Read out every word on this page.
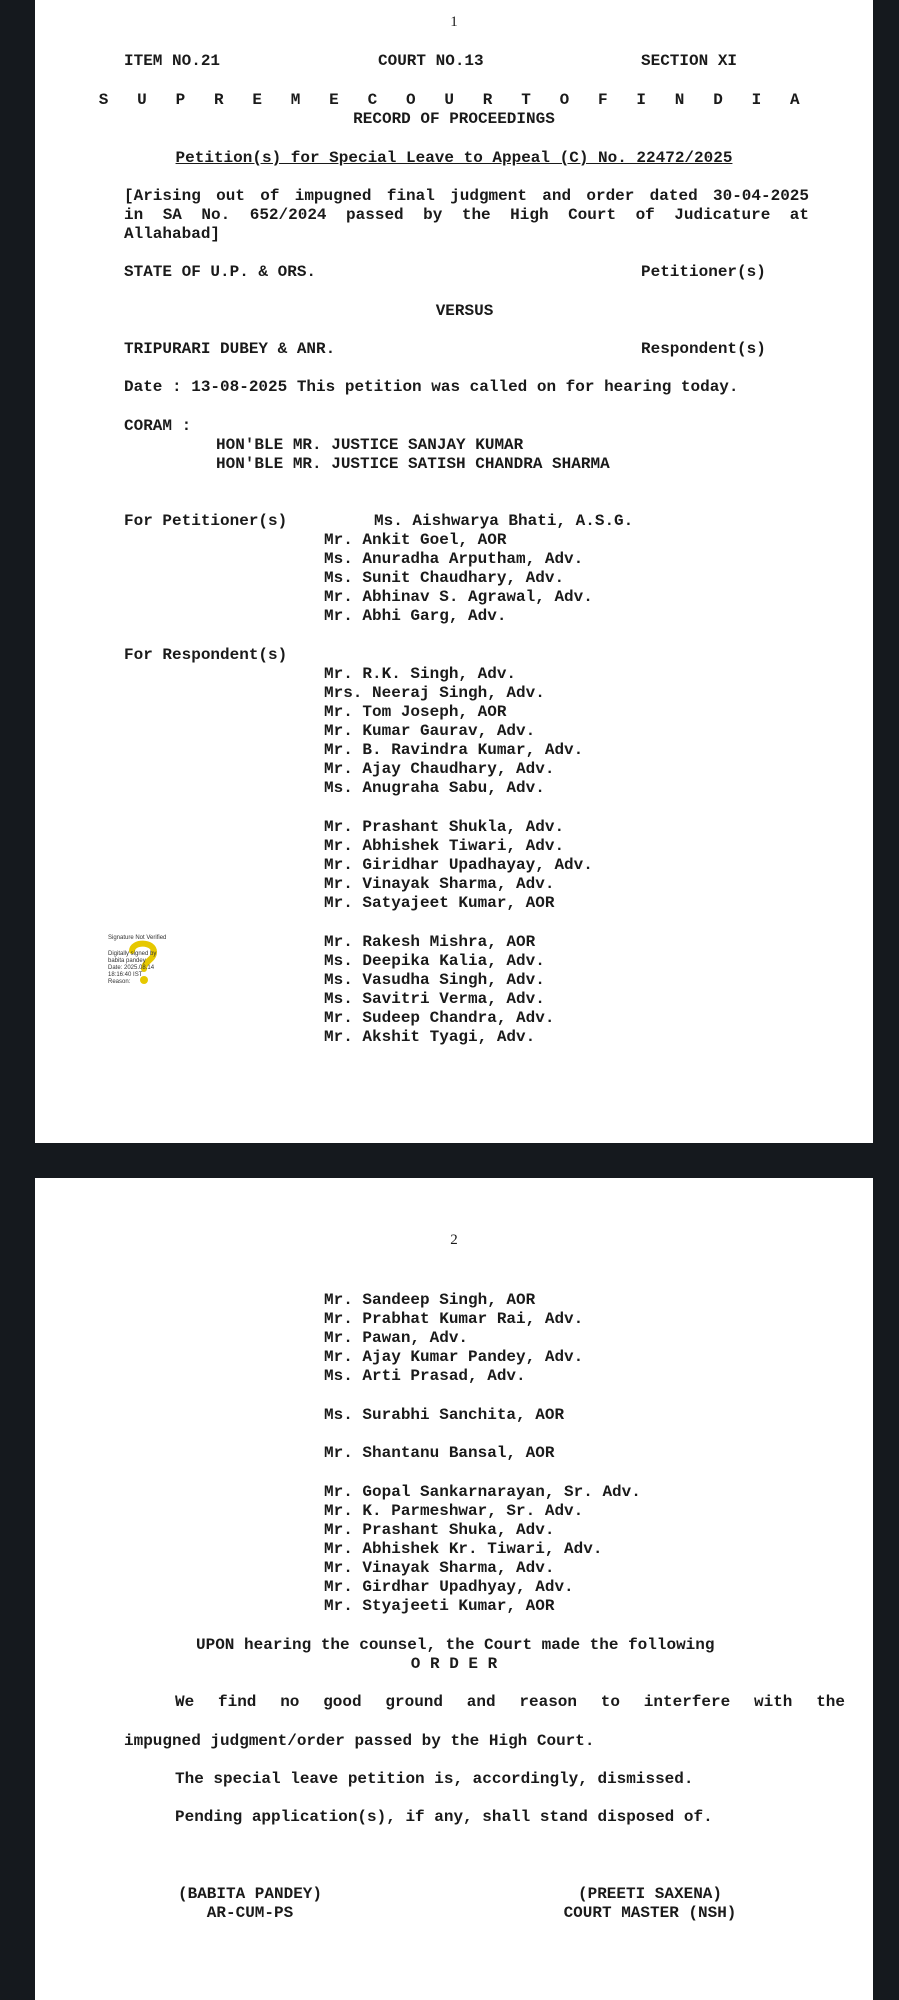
1
ITEM NO.21	COURT NO.13	SECTION XI
S U P R E M E C O U R T O F I N D I A
RECORD OF PROCEEDINGS
Petition(s) for Special Leave to Appeal (C) No. 22472/2025
[Arising out of impugned final judgment and order dated 30-04-2025
in SA No. 652/2024 passed by the High Court of Judicature at
Allahabad]
STATE OF U.P. & ORS.	Petitioner(s)
VERSUS
TRIPURARI DUBEY & ANR.	Respondent(s)
Date : 13-08-2025 This petition was called on for hearing today.
CORAM :
HON'BLE MR. JUSTICE SANJAY KUMAR
HON'BLE MR. JUSTICE SATISH CHANDRA SHARMA
For Petitioner(s)	Ms. Aishwarya Bhati, A.S.G.
Mr. Ankit Goel, AOR
Ms. Anuradha Arputham, Adv.
Ms. Sunit Chaudhary, Adv.
Mr. Abhinav S. Agrawal, Adv.
Mr. Abhi Garg, Adv.
For Respondent(s)
Mr. R.K. Singh, Adv.
Mrs. Neeraj Singh, Adv.
Mr. Tom Joseph, AOR
Mr. Kumar Gaurav, Adv.
Mr. B. Ravindra Kumar, Adv.
Mr. Ajay Chaudhary, Adv.
Ms. Anugraha Sabu, Adv.
Mr. Prashant Shukla, Adv.
Mr. Abhishek Tiwari, Adv.
Mr. Giridhar Upadhayay, Adv.
Mr. Vinayak Sharma, Adv.
Mr. Satyajeet Kumar, AOR
Mr. Rakesh Mishra, AOR
Ms. Deepika Kalia, Adv.
Ms. Vasudha Singh, Adv.
Ms. Savitri Verma, Adv.
Mr. Sudeep Chandra, Adv.
Mr. Akshit Tyagi, Adv.
Signature Not Verified
Digitally signed by
babita pandey
Date: 2025.08.14
18:16:40 IST
Reason:
2
Mr. Sandeep Singh, AOR
Mr. Prabhat Kumar Rai, Adv.
Mr. Pawan, Adv.
Mr. Ajay Kumar Pandey, Adv.
Ms. Arti Prasad, Adv.
Ms. Surabhi Sanchita, AOR
Mr. Shantanu Bansal, AOR
Mr. Gopal Sankarnarayan, Sr. Adv.
Mr. K. Parmeshwar, Sr. Adv.
Mr. Prashant Shuka, Adv.
Mr. Abhishek Kr. Tiwari, Adv.
Mr. Vinayak Sharma, Adv.
Mr. Girdhar Upadhyay, Adv.
Mr. Styajeeti Kumar, AOR
UPON hearing the counsel, the Court made the following
O R D E R
We find no good ground and reason to interfere with the
impugned judgment/order passed by the High Court.
The special leave petition is, accordingly, dismissed.
Pending application(s), if any, shall stand disposed of.
(BABITA PANDEY)
AR-CUM-PS
(PREETI SAXENA)
COURT MASTER (NSH)
